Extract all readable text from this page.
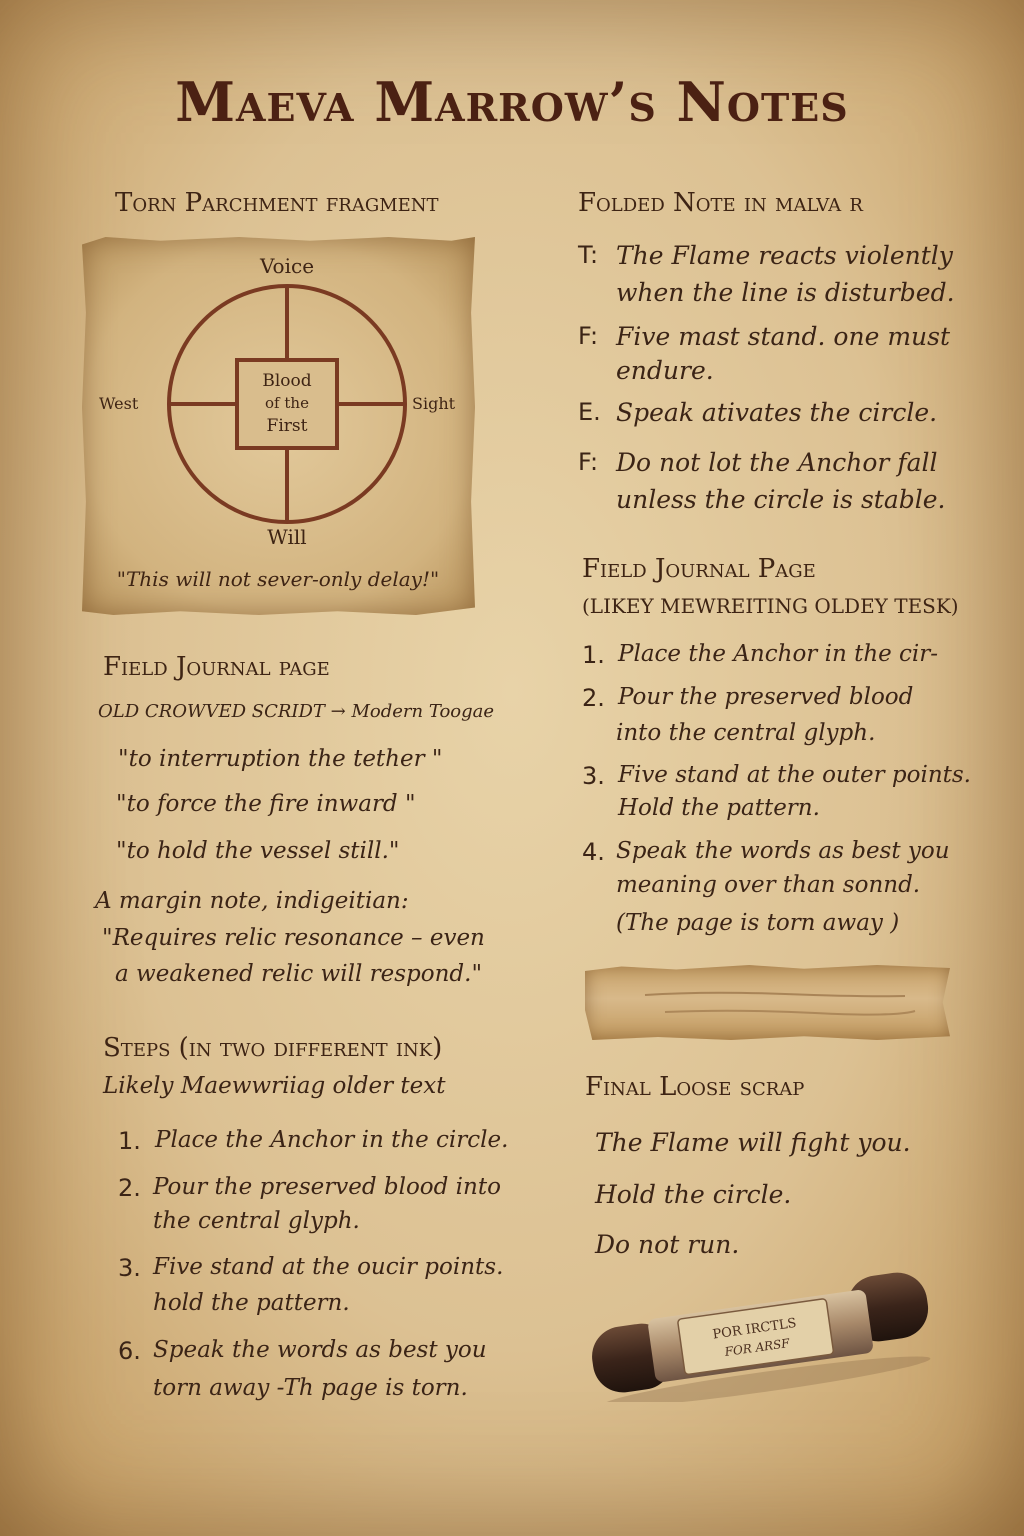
Maeva Marrow’s Notes
Torn Parchment fragment
Voice
West	Sight
Will
Blood
of the
First
"This will not sever-only delay!"
Field Journal page
OLD CROWVED SCRIDT → Modern Toogae
"to interruption the tether "
"to force the fire inward "
"to hold the vessel still."
A margin note, indigeitian:
"Requires relic resonance – even
a weakened relic will respond."
Steps (in two different ink)
Likely Maewwriiag older text
1. Place the Anchor in the circle.
2. Pour the preserved blood into
the central glyph.
3. Five stand at the oucir points.
hold the pattern.
6. Speak the words as best you
torn away -Th page is torn.
Folded Note in malva r
T: The Flame reacts violently
when the line is disturbed.
F: Five mast stand. one must
endure.
E. Speak ativates the circle.
F: Do not lot the Anchor fall
unless the circle is stable.
Field Journal Page
(LIKEY MEWREITING OLDEY TESK)
1. Place the Anchor in the cir-
2. Pour the preserved blood
into the central glyph.
3. Five stand at the outer points.
Hold the pattern.
4. Speak the words as best you
meaning over than sonnd.
(The page is torn away )
Final Loose scrap
The Flame will fight you.
Hold the circle.
Do not run.
POR IRCTLS
FOR ARSF
